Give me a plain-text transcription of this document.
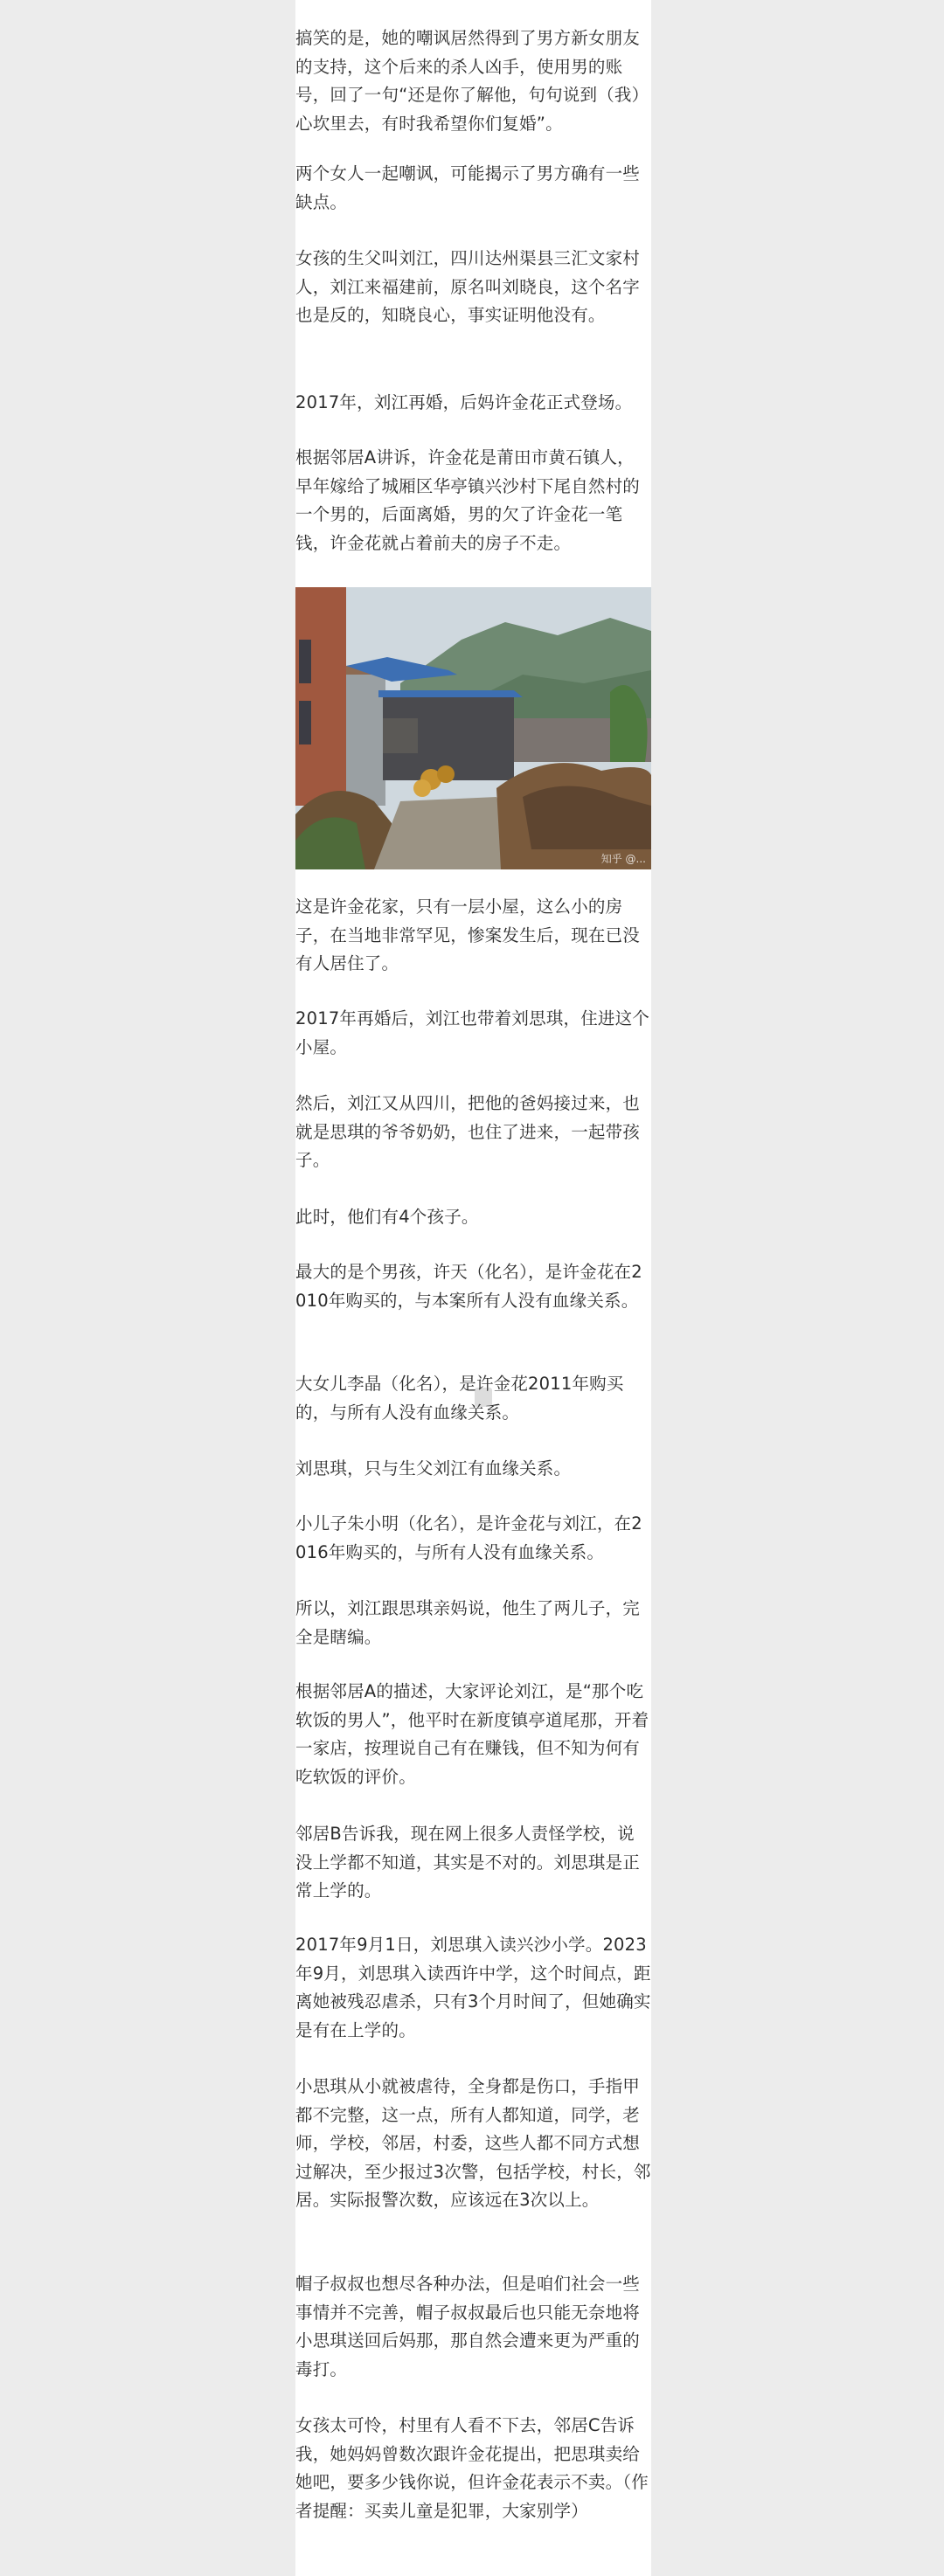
搞笑的是，她的嘲讽居然得到了男方新女朋友的支持，这个后来的杀人凶手，使用男的账号，回了一句“还是你了解他，句句说到（我）心坎里去，有时我希望你们复婚”。

两个女人一起嘲讽，可能揭示了男方确有一些缺点。

女孩的生父叫刘江，四川达州渠县三汇文家村人，刘江来福建前，原名叫刘晓良，这个名字也是反的，知晓良心，事实证明他没有。

2017年，刘江再婚，后妈许金花正式登场。

根据邻居A讲诉，许金花是莆田市黄石镇人，早年嫁给了城厢区华亭镇兴沙村下尾自然村的一个男的，后面离婚，男的欠了许金花一笔钱，许金花就占着前夫的房子不走。

知乎 @...

这是许金花家，只有一层小屋，这么小的房子，在当地非常罕见，惨案发生后，现在已没有人居住了。

2017年再婚后，刘江也带着刘思琪，住进这个小屋。

然后，刘江又从四川，把他的爸妈接过来，也就是思琪的爷爷奶奶，也住了进来，一起带孩子。

此时，他们有4个孩子。

最大的是个男孩，许天（化名），是许金花在2010年购买的，与本案所有人没有血缘关系。

大女儿李晶（化名），是许金花2011年购买的，与所有人没有血缘关系。

刘思琪，只与生父刘江有血缘关系。

小儿子朱小明（化名），是许金花与刘江，在2016年购买的，与所有人没有血缘关系。

所以，刘江跟思琪亲妈说，他生了两儿子，完全是瞎编。

根据邻居A的描述，大家评论刘江，是“那个吃软饭的男人”，他平时在新度镇亭道尾那，开着一家店，按理说自己有在赚钱，但不知为何有吃软饭的评价。

邻居B告诉我，现在网上很多人责怪学校，说没上学都不知道，其实是不对的。刘思琪是正常上学的。

2017年9月1日，刘思琪入读兴沙小学。2023年9月，刘思琪入读西许中学，这个时间点，距离她被残忍虐杀，只有3个月时间了，但她确实是有在上学的。

小思琪从小就被虐待，全身都是伤口，手指甲都不完整，这一点，所有人都知道，同学，老师，学校，邻居，村委，这些人都不同方式想过解决，至少报过3次警，包括学校，村长，邻居。实际报警次数，应该远在3次以上。

帽子叔叔也想尽各种办法，但是咱们社会一些事情并不完善，帽子叔叔最后也只能无奈地将小思琪送回后妈那，那自然会遭来更为严重的毒打。

女孩太可怜，村里有人看不下去，邻居C告诉我，她妈妈曾数次跟许金花提出，把思琪卖给她吧，要多少钱你说，但许金花表示不卖。（作者提醒：买卖儿童是犯罪，大家别学）
